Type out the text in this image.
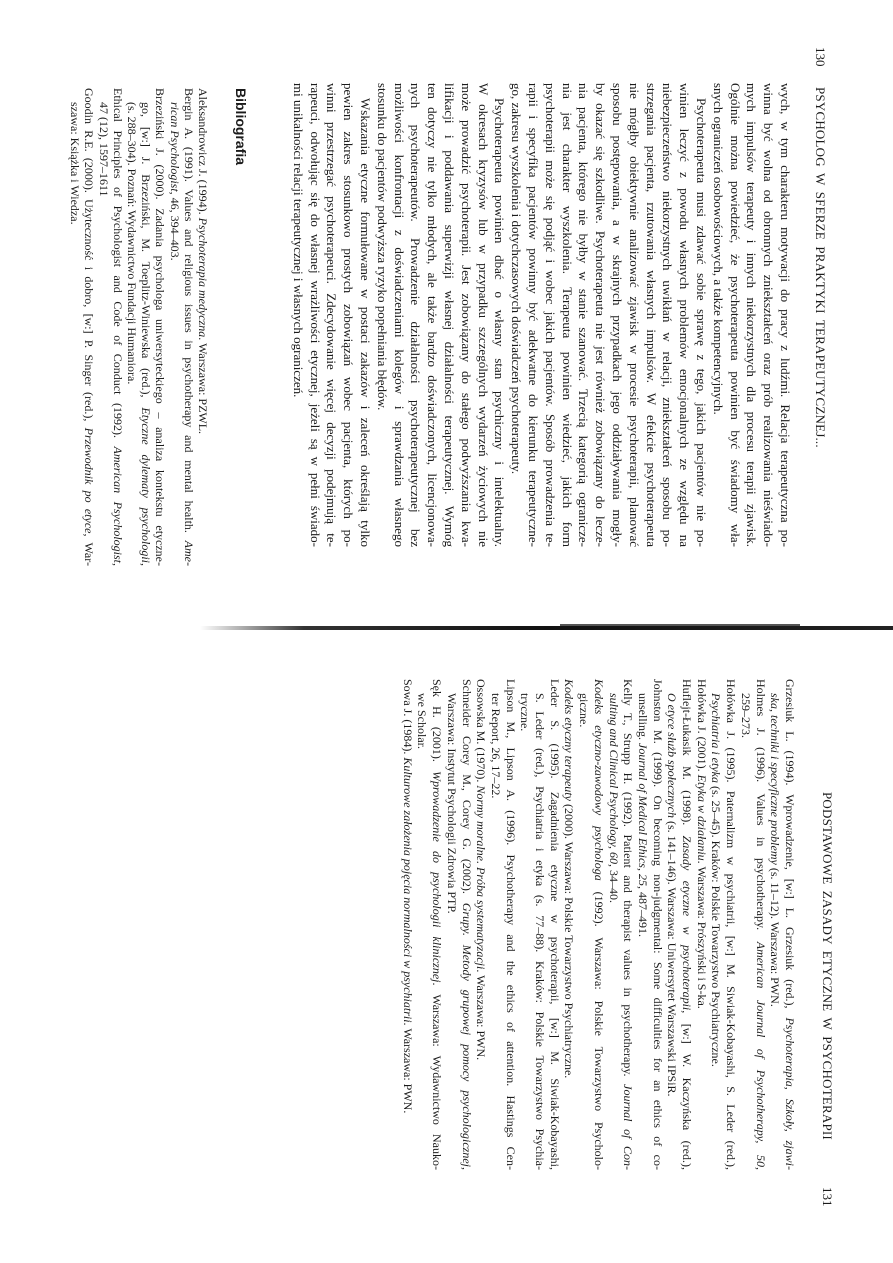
130
PSYCHOLOG W SFERZE PRAKTYKI TERAPEUTYCZNEJ...
wych, w tym charakteru motywacji do pracy z ludźmi. Relacja terapeutyczna po-
winna być wolna od obronnych zniekształceń oraz prób realizowania nieświado-
mych impulsów terapeuty i innych niekorzystnych dla procesu terapii zjawisk.
Ogólnie można powiedzieć, że psychoterapeuta powinien być świadomy wła-
snych ograniczeń osobowościowych, a także kompetencyjnych.
Psychoterapeuta musi zdawać sobie sprawę z tego, jakich pacjentów nie po-
winien leczyć z powodu własnych problemów emocjonalnych ze względu na
niebezpieczeństwo niekorzystnych uwikłań w relacji, zniekształceń sposobu po-
strzegania pacjenta, rzutowania własnych impulsów. W efekcie psychoterapeuta
nie mógłby obiektywnie analizować zjawisk w procesie psychoterapii, planować
sposobu postępowania, a w skrajnych przypadkach jego oddziaływania mogły-
by okazać się szkodliwe. Psychoterapeuta nie jest również zobowiązany do lecze-
nia pacjenta, którego nie byłby w stanie szanować. Trzecią kategorią ogranicze-
nia jest charakter wyszkolenia. Terapeuta powinien wiedzieć, jakich form
psychoterapii może się podjąć i wobec jakich pacjentów. Sposób prowadzenia te-
rapii i specyfika pacjentów powinny być adekwatne do kierunku terapeutyczne-
go, zakresu wyszkolenia i dotychczasowych doświadczeń psychoterapeuty.
Psychoterapeuta powinien dbać o własny stan psychiczny i intelektualny.
W okresach kryzysów lub w przypadku szczególnych wydarzeń życiowych nie
może prowadzić psychoterapii. Jest zobowiązany do stałego podwyższania kwa-
lifikacji i poddawania superwizji własnej działalności terapeutycznej. Wymóg
ten dotyczy nie tylko młodych, ale także bardzo doświadczonych, licencjonowa-
nych psychoterapeutów. Prowadzenie działalności psychoterapeutycznej bez
możliwości konfrontacji z doświadczeniami kolegów i sprawdzania własnego
stosunku do pacjentów podwyższa ryzyko popełniania błędów.
Wskazania etyczne formułowane w postaci zakazów i zaleceń określają tylko
pewien zakres stosunkowo prostych zobowiązań wobec pacjenta, których po-
winni przestrzegać psychoterapeuci. Zdecydowanie więcej decyzji podejmują te-
rapeuci, odwołując się do własnej wrażliwości etycznej, jeżeli są w pełni świado-
mi unikalności relacji terapeutycznej i własnych ograniczeń.
Bibliografia
Aleksandrowicz J. (1994). Psychoterapia medyczna. Warszawa: PZWL.
Bergin A. (1991). Values and religious issues in psychotherapy and mental health. Ame-
rican Psychologist, 46, 394–403.
Brzeziński J. (2000). Zadania psychologa uniwersyteckiego – analiza kontekstu etyczne-
go, [w:] J. Brzeziński, M. Toeplitz-Winiewska (red.), Etyczne dylematy psychologii,
(s. 288–304). Poznań: Wydawnictwo Fundacji Humaniora.
Ethical Principles of Psychologist and Code of Conduct (1992). American Psychologist,
47 (12), 1597–1611
Goodin R.E. (2000). Użyteczność i dobro, [w:] P. Singer (red.), Przewodnik po etyce, War-
szawa: Książka i Wiedza.
PODSTAWOWE ZASADY ETYCZNE W PSYCHOTERAPII
131
Grzesiuk L. (1994). Wprowadzenie, [w:] L. Grzesiuk (red.), Psychoterapia, Szkoły, zjawi-
ska, techniki i specyficzne problemy (s. 11–12). Warszawa: PWN.
Holmes J. (1996). Values in psychotherapy. American Journal of Psychotherapy, 50,
259–273.
Hołówka J. (1995). Paternalizm w psychiatrii, [w:] M. Siwiak-Kobayashi, S. Leder (red.),
Psychiatria i etyka (s. 25–45). Kraków: Polskie Towarzystwo Psychiatryczne.
Hołówka J. (2001). Etyka w działaniu. Warszawa: Prószyński i S-ka.
Huflejt-Łukasik M. (1998). Zasady etyczne w psychoterapii, [w:] W. Kaczyńska (red.),
O etyce służb społecznych (s. 141–146). Warszawa: Uniwersytet Warszawski IPSiR.
Johnston M. (1999). On becoming non-judgmental: Some difficulties for an ethics of co-
unselling. Journal of Medical Ethics, 25, 487–491.
Kelly T., Strupp H. (1992). Patient and therapist values in psychotherapy. Journal of Con-
sulting and Clinical Psychology, 60, 34–40.
Kodeks etyczno-zawodowy psychologa (1992). Warszawa: Polskie Towarzystwo Psycholo-
giczne.
Kodeks etyczny terapeuty (2000). Warszawa: Polskie Towarzystwo Psychiatryczne.
Leder S. (1995). Zagadnienia etyczne w psychoterapii, [w:] M. Siwiak-Kobayashi,
S. Leder (red.), Psychiatria i etyka (s. 77–88). Kraków: Polskie Towarzystwo Psychia-
tryczne.
Lipson M., Lipson A. (1996). Psychotherapy and the ethics of attention. Hastings Cen-
ter Report, 26, 17–22.
Ossowska M. (1970). Normy moralne. Próba systematyzacji. Warszawa: PWN.
Schneider Corey M., Corey G. (2002). Grupy. Metody grupowej pomocy psychologicznej,
Warszawa: Instytut Psychologii Zdrowia PTP.
Sęk H. (2001). Wprowadzenie do psychologii klinicznej. Warszawa: Wydawnictwo Nauko-
we Scholar.
Sowa J. (1984). Kulturowe założenia pojęcia normalności w psychiatrii. Warszawa: PWN.
